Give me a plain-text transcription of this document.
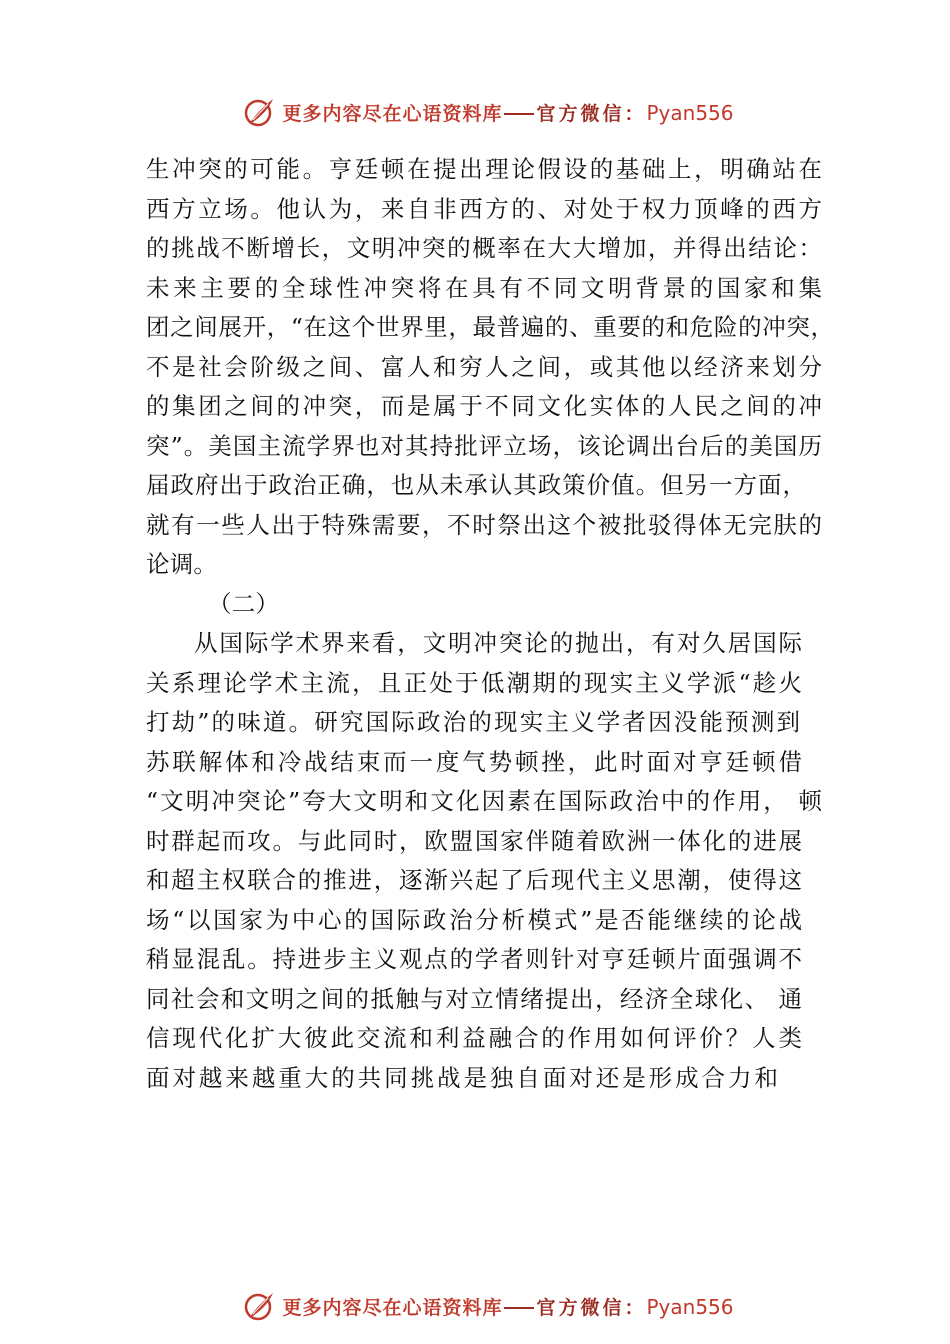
更多内容尽在心语资料库 官方微信：Pyan556
生冲突的可能。亨廷顿在提出理论假设的基础上，明确站在
西方立场。他认为，来自非西方的、对处于权力顶峰的西方
的挑战不断增长，文明冲突的概率在大大增加，并得出结论：
未来主要的全球性冲突将在具有不同文明背景的国家和集
团之间展开，“在这个世界里，最普遍的、重要的和危险的冲突，
不是社会阶级之间、富人和穷人之间，或其他以经济来划分
的集团之间的冲突，而是属于不同文化实体的人民之间的冲
突”。美国主流学界也对其持批评立场，该论调出台后的美国历
届政府出于政治正确，也从未承认其政策价值。但另一方面，
就有一些人出于特殊需要，不时祭出这个被批驳得体无完肤的
论调。
（二）
从国际学术界来看，文明冲突论的抛出，有对久居国际
关系理论学术主流，且正处于低潮期的现实主义学派“趁火
打劫”的味道。研究国际政治的现实主义学者因没能预测到
苏联解体和冷战结束而一度气势顿挫，此时面对亨廷顿借
“文明冲突论”夸大文明和文化因素在国际政治中的作用， 顿
时群起而攻。与此同时，欧盟国家伴随着欧洲一体化的进展
和超主权联合的推进，逐渐兴起了后现代主义思潮，使得这
场“以国家为中心的国际政治分析模式”是否能继续的论战
稍显混乱。持进步主义观点的学者则针对亨廷顿片面强调不
同社会和文明之间的抵触与对立情绪提出，经济全球化、 通
信现代化扩大彼此交流和利益融合的作用如何评价？人类
面对越来越重大的共同挑战是独自面对还是形成合力和
更多内容尽在心语资料库 官方微信：Pyan556
